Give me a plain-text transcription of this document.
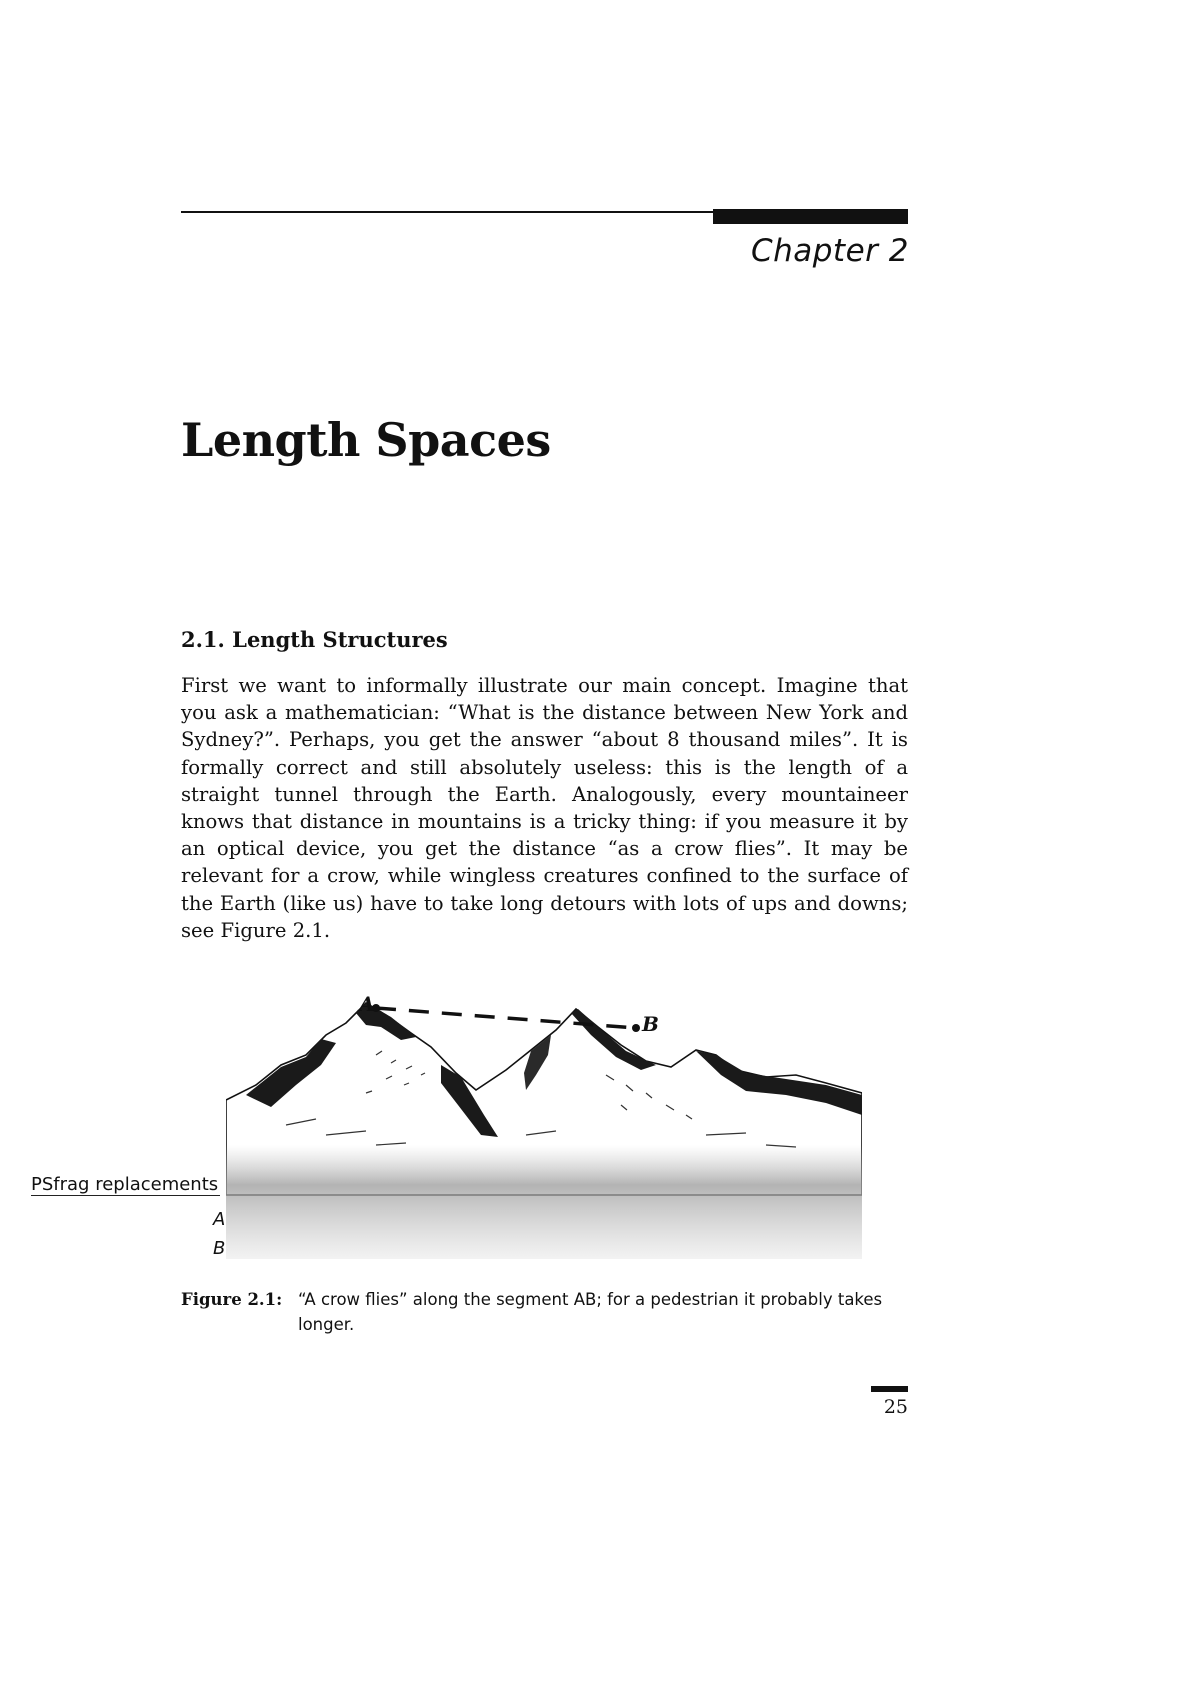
Chapter 2
Length Spaces
2.1. Length Structures

First we want to informally illustrate our main concept. Imagine that you ask a mathematician: “What is the distance between New York and Sydney?”. Perhaps, you get the answer “about 8 thousand miles”. It is formally correct and still absolutely useless: this is the length of a straight tunnel through the Earth. Analogously, every mountaineer knows that distance in mountains is a tricky thing: if you measure it by an optical device, you get the distance “as a crow flies”. It may be relevant for a crow, while wingless creatures confined to the surface of the Earth (like us) have to take long detours with lots of ups and downs; see Figure 2.1.

A
B
PSfrag replacements
A
B
Figure 2.1: “A crow flies” along the segment AB; for a pedestrian it probably takes longer.
25
